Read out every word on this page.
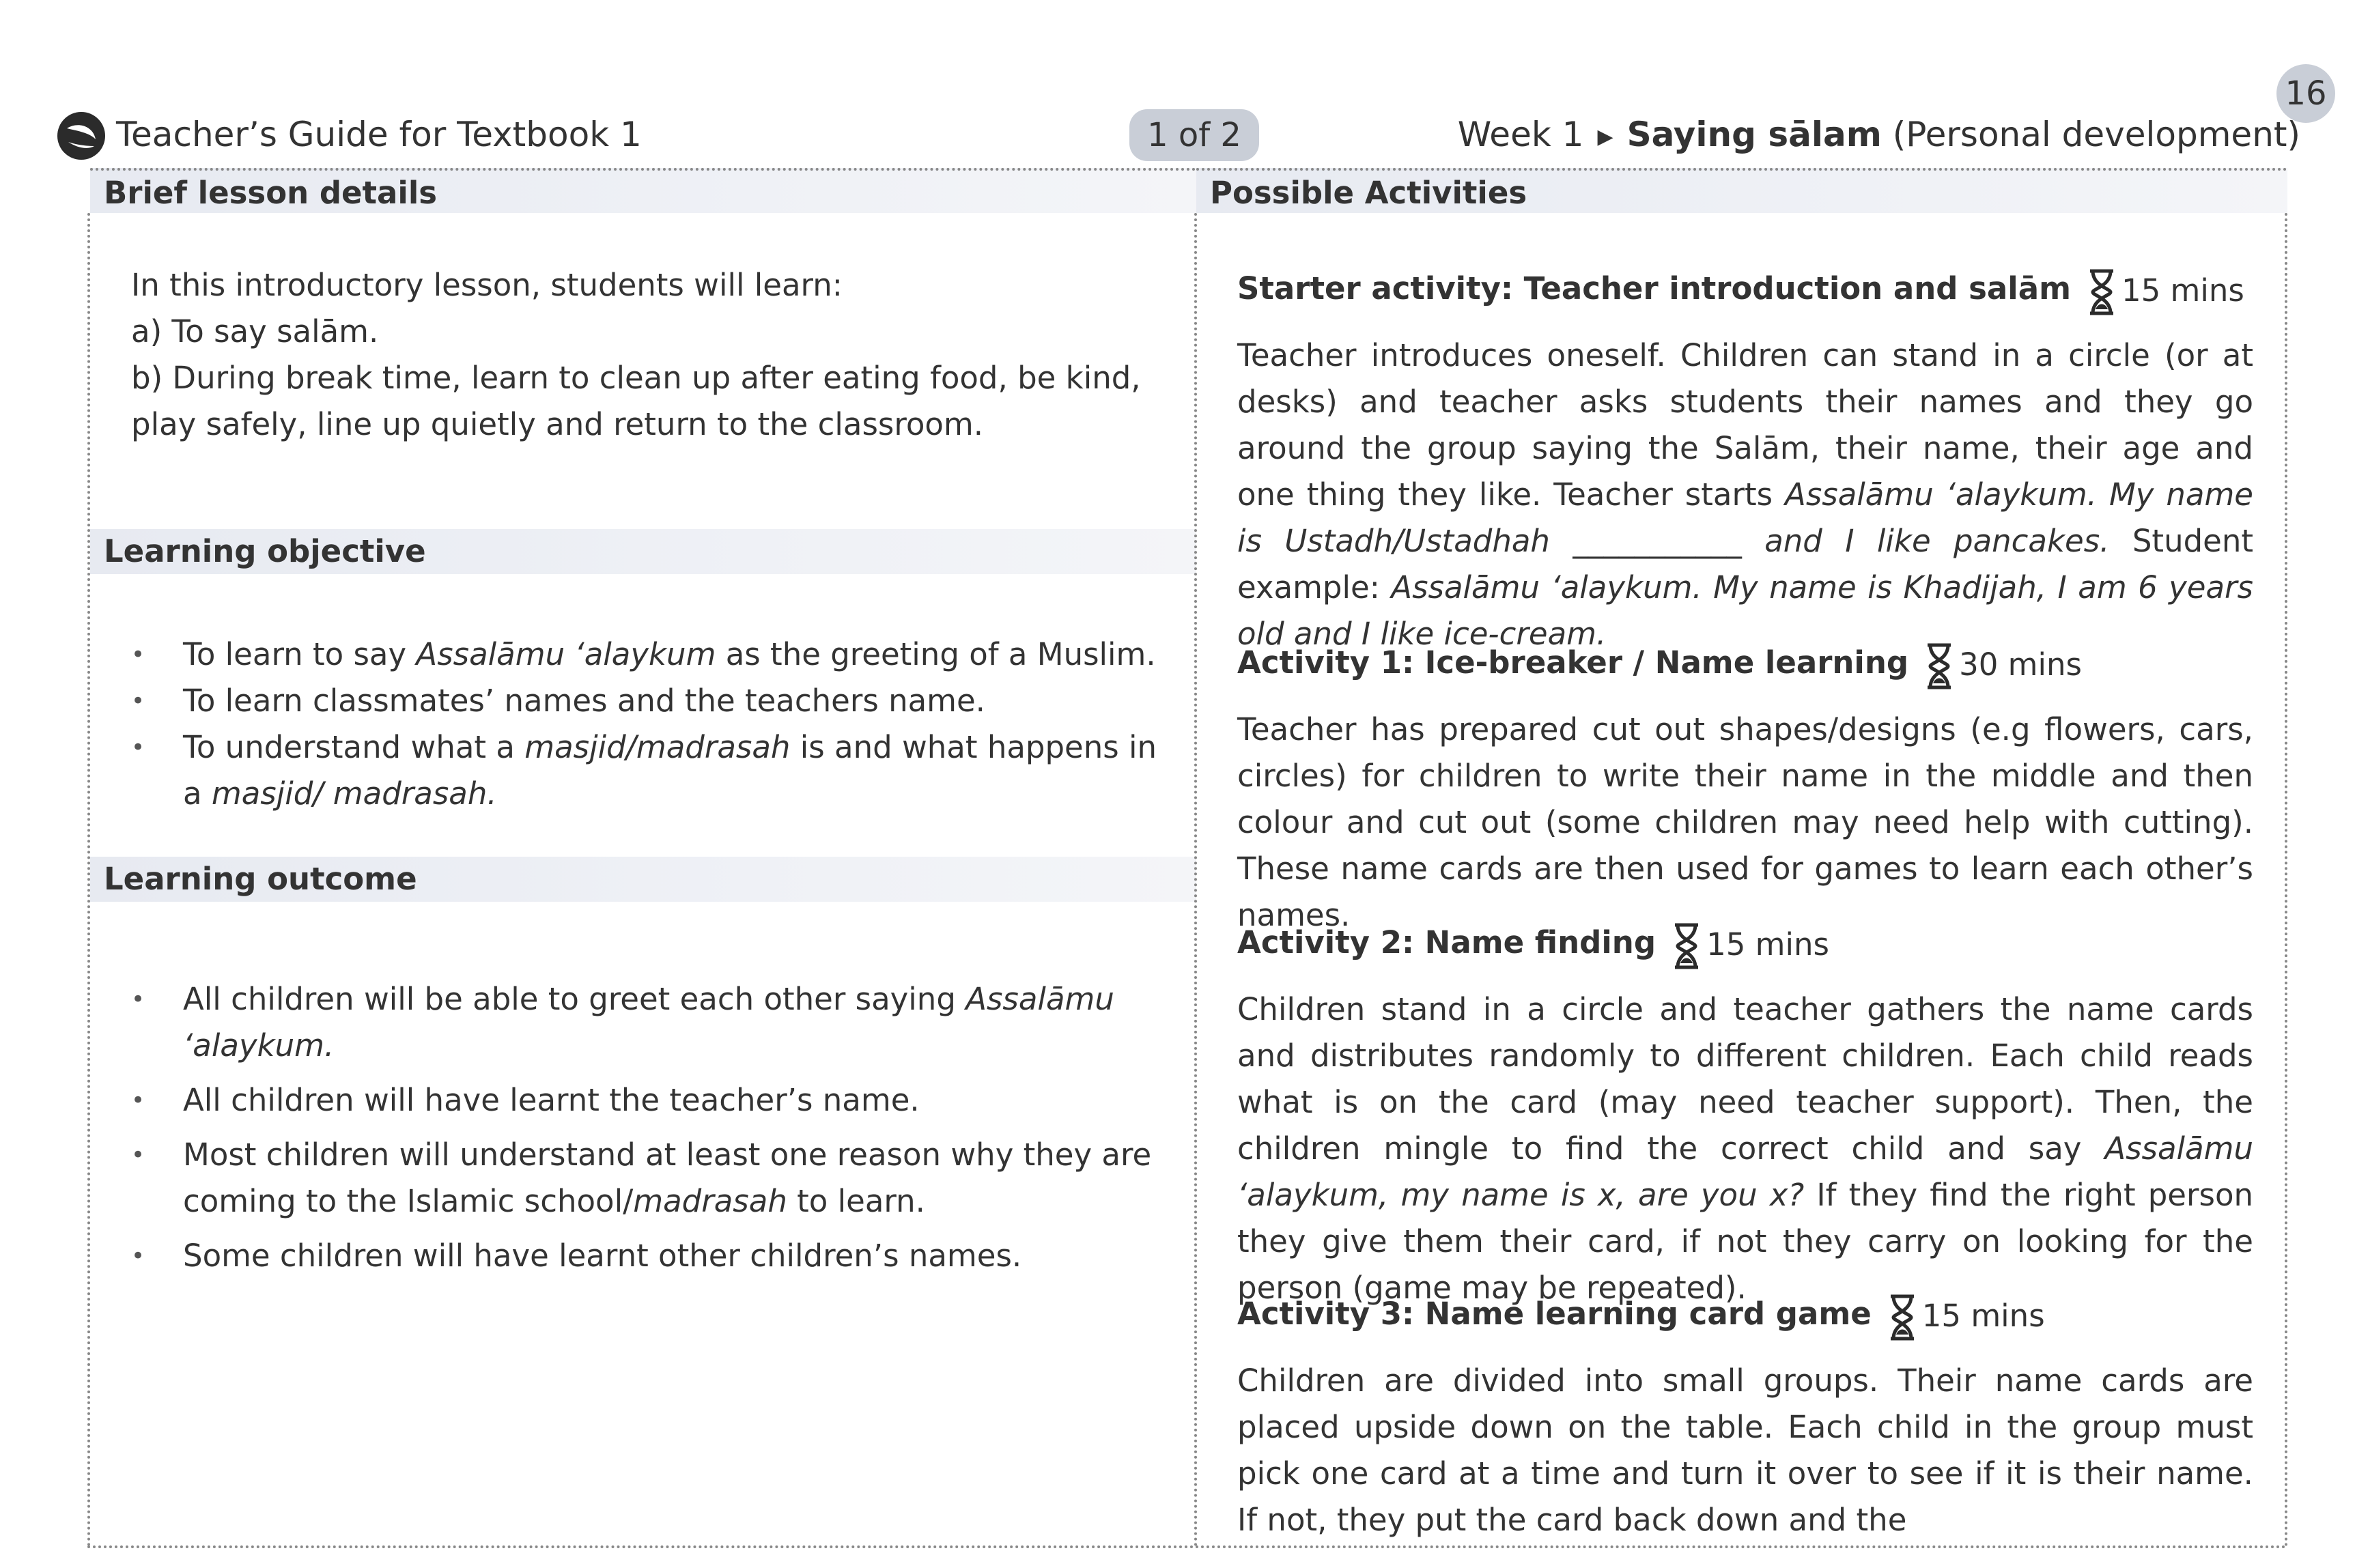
Teacher’s Guide for Textbook 1	1 of 2
16
Week 1 ▶ Saying sālam (Personal development)
Brief lesson details	Possible Activities
Learning objective
Learning outcome
In this introductory lesson, students will learn:
a) To say salām.
b) During break time, learn to clean up after eating food, be kind, play safely, line up quietly and return to the classroom.
• To learn to say Assalāmu ‘alaykum as the greeting of a Muslim.
• To learn classmates’ names and the teachers name.
• To understand what a masjid/madrasah is and what happens in a masjid/ madrasah.
• All children will be able to greet each other saying Assalāmu ‘alaykum.
• All children will have learnt the teacher’s name.
• Most children will understand at least one reason why they are coming to the Islamic school/madrasah to learn.
• Some children will have learnt other children’s names.
Starter activity: Teacher introduction and salām 15 mins
Teacher introduces oneself. Children can stand in a circle (or at desks) and teacher asks students their names and they go around the group saying the Salām, their name, their age and one thing they like. Teacher starts Assalāmu ‘alaykum. My name is Ustadh/Ustadhah ___________ and I like pancakes. Student example: Assalāmu ‘alaykum. My name is Khadijah, I am 6 years old and I like ice-cream.
Activity 1: Ice-breaker / Name learning 30 mins
Teacher has prepared cut out shapes/designs (e.g flowers, cars, circles) for children to write their name in the middle and then colour and cut out (some children may need help with cutting). These name cards are then used for games to learn each other’s names.
Activity 2: Name finding 15 mins
Children stand in a circle and teacher gathers the name cards and distributes randomly to different children. Each child reads what is on the card (may need teacher support). Then, the children mingle to find the correct child and say Assalāmu ‘alaykum, my name is x, are you x? If they find the right person they give them their card, if not they carry on looking for the person (game may be repeated).
Activity 3: Name learning card game 15 mins
Children are divided into small groups. Their name cards are placed upside down on the table. Each child in the group must pick one card at a time and turn it over to see if it is their name. If not, they put the card back down and the
